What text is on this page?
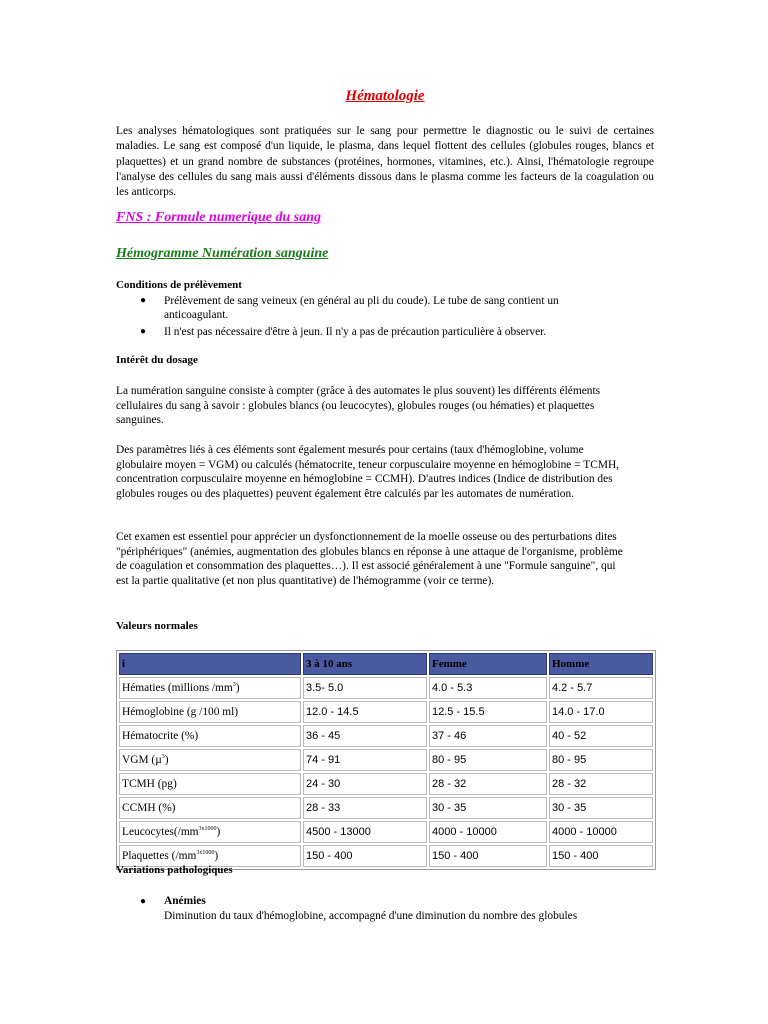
Hématologie
Les analyses hématologiques sont pratiquées sur le sang pour permettre le diagnostic ou le suivi de certaines maladies. Le sang est composé d'un liquide, le plasma, dans lequel flottent des cellules (globules rouges, blancs et plaquettes) et un grand nombre de substances (protéines, hormones, vitamines, etc.). Ainsi, l'hématologie regroupe l'analyse des cellules du sang mais aussi d'éléments dissous dans le plasma comme les facteurs de la coagulation ou les anticorps.
FNS : Formule numerique du sang
Hémogramme Numération sanguine
Conditions de prélèvement
● Prélèvement de sang veineux (en général au pli du coude). Le tube de sang contient un anticoagulant.
● Il n'est pas nécessaire d'être à jeun. Il n'y a pas de précaution particulière à observer.
Intérêt du dosage
La numération sanguine consiste à compter (grâce à des automates le plus souvent) les différents éléments cellulaires du sang à savoir : globules blancs (ou leucocytes), globules rouges (ou hématies) et plaquettes sanguines.
Des paramètres liés à ces éléments sont également mesurés pour certains (taux d'hémoglobine, volume globulaire moyen = VGM) ou calculés (hématocrite, teneur corpusculaire moyenne en hémoglobine = TCMH, concentration corpusculaire moyenne en hémoglobine = CCMH). D'autres indices (Indice de distribution des globules rouges ou des plaquettes) peuvent également être calculés par les automates de numération.
Cet examen est essentiel pour apprécier un dysfonctionnement de la moelle osseuse ou des perturbations dites "périphériques" (anémies, augmentation des globules blancs en réponse à une attaque de l'organisme, problème de coagulation et consommation des plaquettes…). Il est associé généralement à une "Formule sanguine", qui est la partie qualitative (et non plus quantitative) de l'hémogramme (voir ce terme).
Valeurs normales
i	3 à 10 ans	Femme	Homme
Hématies (millions $/mm^3$)	3.5- 5.0	4.0 - 5.3	4.2 - 5.7
Hémoglobine (g /100 ml)	12.0 - 14.5	12.5 - 15.5	14.0 - 17.0
Hématocrite (%)	36 - 45	37 - 46	40 - 52
VGM (µ$^3$)	74 - 91	80 - 95	80 - 95
TCMH (pg)	24 - 30	28 - 32	28 - 32
CCMH (%)	28 - 33	30 - 35	30 - 35
$Leucocytes(/mm^{3x1000})$	4500 - 13000	4000 - 10000	4000 - 10000
Plaquettes $(/mm^{3x1000})$	150 - 400	150 - 400	150 - 400
Variations pathologiques
● Anémies
Diminution du taux d'hémoglobine, accompagné d'une diminution du nombre des globules
